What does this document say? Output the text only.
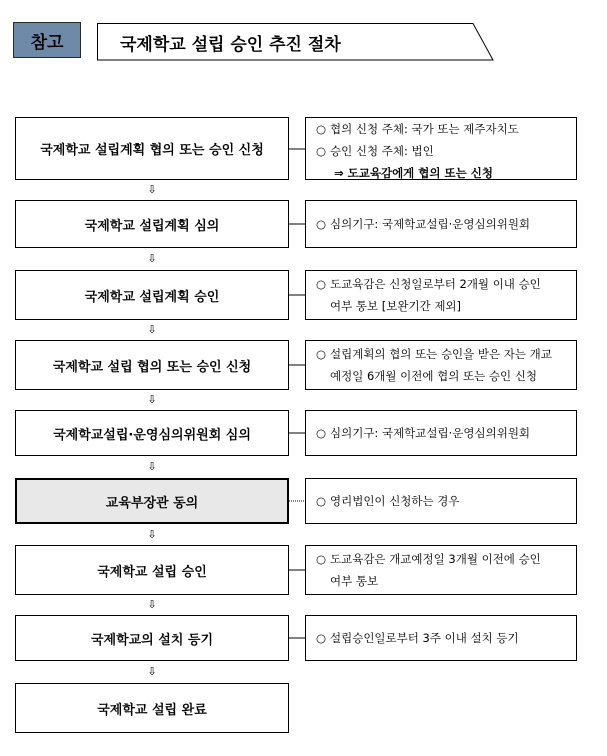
참고	국제학교 설립 승인 추진 절차
국제학교 설립계획 협의 또는 승인 신청
○ 협의 신청 주체: 국가 또는 제주자치도
○ 승인 신청 주체: 법인
⇒ 도교육감에게 협의 또는 신청
⇩
국제학교 설립계획 심의	○ 심의기구: 국제학교설립·운영심의위원회
⇩
국제학교 설립계획 승인
○ 도교육감은 신청일로부터 2개월 이내 승인
여부 통보 [보완기간 제외]
⇩
국제학교 설립 협의 또는 승인 신청
○ 설립계획의 협의 또는 승인을 받은 자는 개교
예정일 6개월 이전에 협의 또는 승인 신청
⇩
국제학교설립·운영심의위원회 심의	○ 심의기구: 국제학교설립·운영심의위원회
⇩
교육부장관 동의	○ 영리법인이 신청하는 경우
⇩
국제학교 설립 승인
○ 도교육감은 개교예정일 3개월 이전에 승인
여부 통보
⇩
국제학교의 설치 등기	○ 설립승인일로부터 3주 이내 설치 등기
⇩
국제학교 설립 완료
